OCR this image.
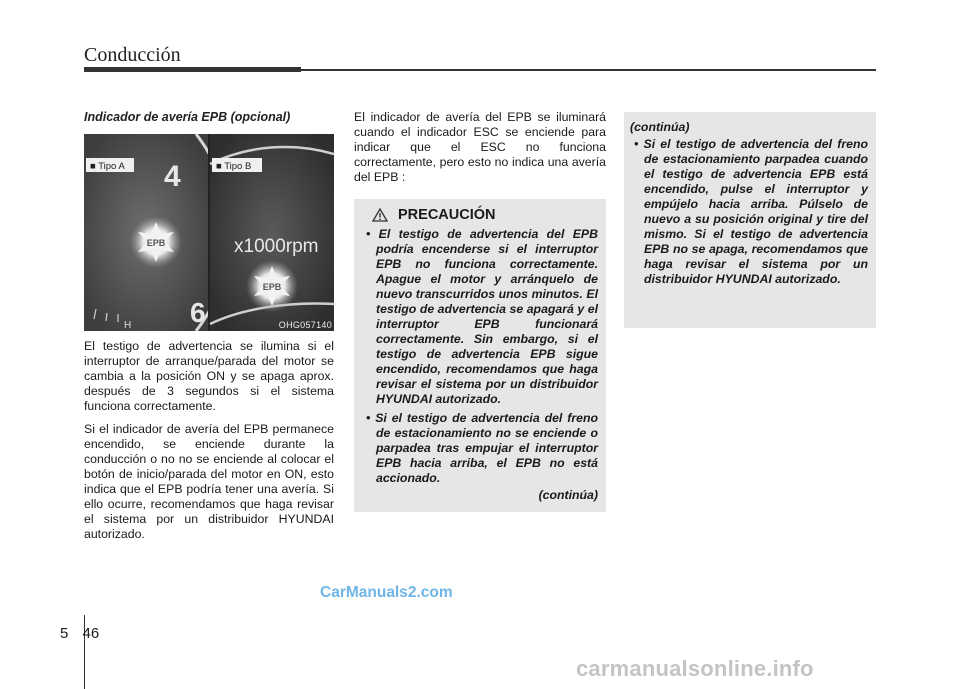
Conducción
Indicador de avería EPB (opcional)
4
6
EPB
H
x1000rpm
EPB
■ Tipo A	■ Tipo B
OHG057140

El testigo de advertencia se ilumina si el interruptor de arranque/parada del motor se cambia a la posición ON y se apaga aprox. después de 3 segundos si el sistema funciona correctamente.

Si el indicador de avería del EPB permanece encendido, se enciende durante la conducción o no no se enciende al colocar el botón de inicio/parada del motor en ON, esto indica que el EPB podría tener una avería. Si ello ocurre, recomendamos que haga revisar el sistema por un distribuidor HYUNDAI autorizado.

El indicador de avería del EPB se iluminará cuando el indicador ESC se enciende para indicar que el ESC no funciona correctamente, pero esto no indica una avería del EPB :

PRECAUCIÓN

• El testigo de advertencia del EPB podría encenderse si el interruptor EPB no funciona correctamente. Apague el motor y arránquelo de nuevo transcurridos unos minutos. El testigo de advertencia se apagará y el interruptor EPB funcionará correctamente. Sin embargo, si el testigo de advertencia EPB sigue encendido, recomendamos que haga revisar el sistema por un distribuidor HYUNDAI autorizado.

• Si el testigo de advertencia del freno de estacionamiento no se enciende o parpadea tras empujar el interruptor EPB hacia arriba, el EPB no está accionado.

(continúa)
(continúa)

• Si el testigo de advertencia del freno de estacionamiento parpadea cuando el testigo de advertencia EPB está encendido, pulse el interruptor y empújelo hacia arriba. Púlselo de nuevo a su posición original y tire del mismo. Si el testigo de advertencia EPB no se apaga, recomendamos que haga revisar el sistema por un distribuidor HYUNDAI autorizado.

CarManuals2.com
5 46
carmanualsonline.info
